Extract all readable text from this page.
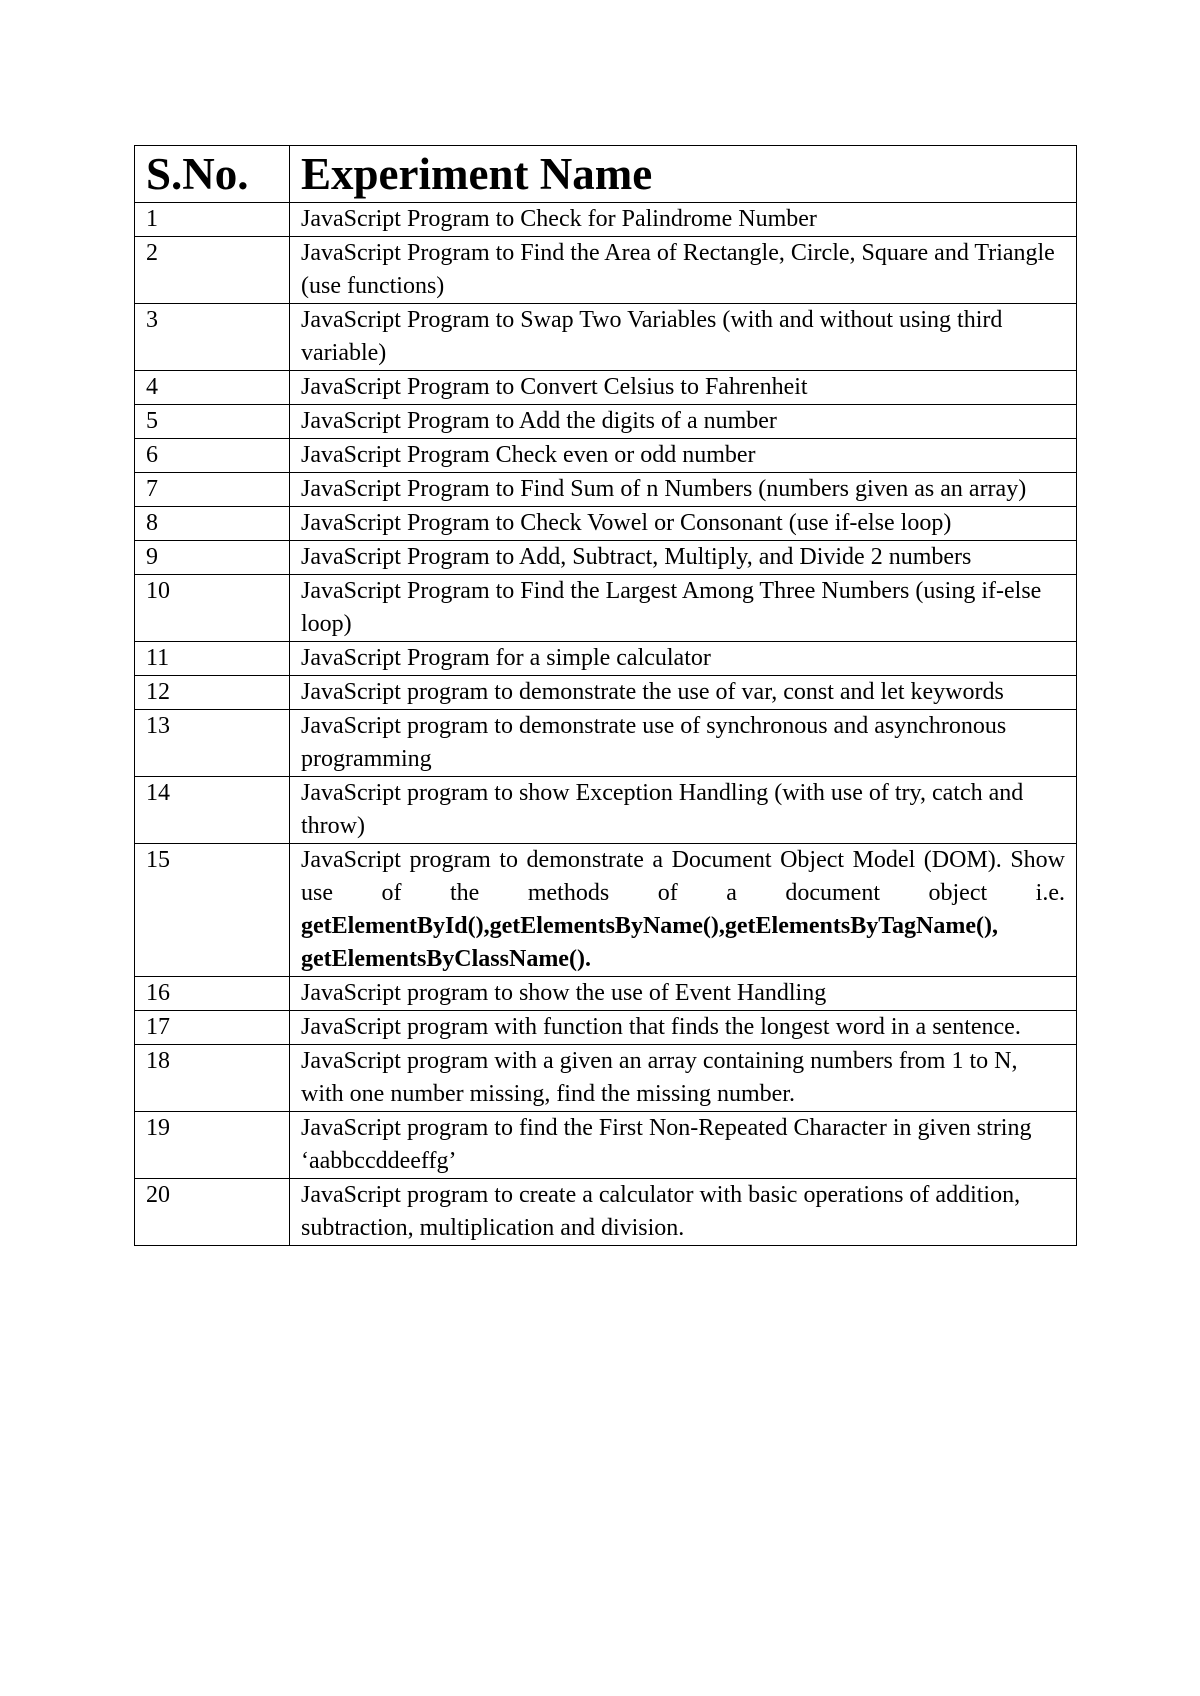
S.No.	Experiment Name
1	JavaScript Program to Check for Palindrome Number
2	JavaScript Program to Find the Area of Rectangle, Circle, Square and Triangle (use functions)
3	JavaScript Program to Swap Two Variables (with and without using third variable)
4	JavaScript Program to Convert Celsius to Fahrenheit
5	JavaScript Program to Add the digits of a number
6	JavaScript Program Check even or odd number
7	JavaScript Program to Find Sum of n Numbers (numbers given as an array)
8	JavaScript Program to Check Vowel or Consonant (use if-else loop)
9	JavaScript Program to Add, Subtract, Multiply, and Divide 2 numbers
10	JavaScript Program to Find the Largest Among Three Numbers (using if-else loop)
11	JavaScript Program for a simple calculator
12	JavaScript program to demonstrate the use of var, const and let keywords
13	JavaScript program to demonstrate use of synchronous and asynchronous programming
14	JavaScript program to show Exception Handling (with use of try, catch and throw)
15	JavaScript program to demonstrate a Document Object Model (DOM). Show use of the methods of a document object i.e. getElementById(),getElementsByName(),getElementsByTagName(), getElementsByClassName().
16	JavaScript program to show the use of Event Handling
17	JavaScript program with function that finds the longest word in a sentence.
18	JavaScript program with a given an array containing numbers from 1 to N, with one number missing, find the missing number.
19	JavaScript program to find the First Non-Repeated Character in given string ‘aabbccddeeffg’
20	JavaScript program to create a calculator with basic operations of addition, subtraction, multiplication and division.
